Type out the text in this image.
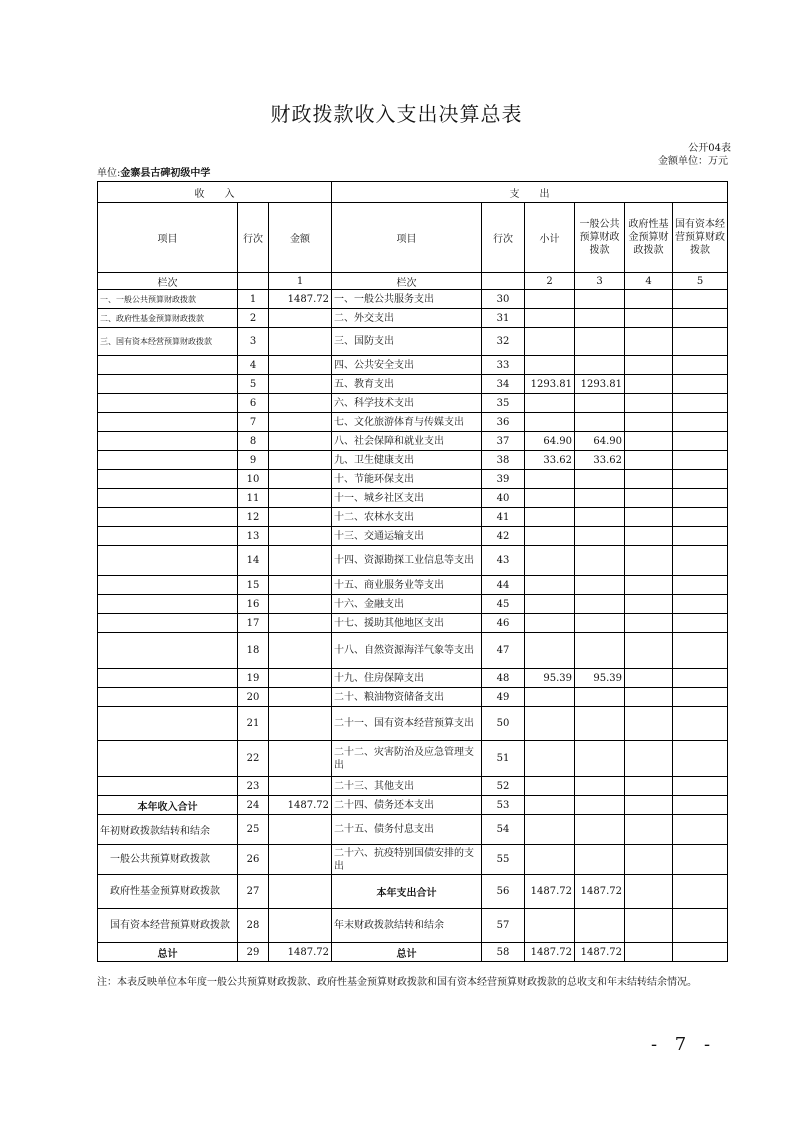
财政拨款收入支出决算总表
公开04表
金额单位：万元
单位:金寨县古碑初级中学
收　　入			支　　出					
项目	行次	金额	项目	行次	小计	一般公共预算财政拨款	政府性基金预算财政拨款	国有资本经营预算财政拨款
栏次		1	栏次		2	3	4	5
一、一般公共预算财政拨款	1	1487.72	一、一般公共服务支出	30				
二、政府性基金预算财政拨款	2		二、外交支出	31				
三、国有资本经营预算财政拨款	3		三、国防支出	32				
	4		四、公共安全支出	33				
	5		五、教育支出	34	1293.81	1293.81		
	6		六、科学技术支出	35				
	7		七、文化旅游体育与传媒支出	36				
	8		八、社会保障和就业支出	37	64.90	64.90		
	9		九、卫生健康支出	38	33.62	33.62		
	10		十、节能环保支出	39				
	11		十一、城乡社区支出	40				
	12		十二、农林水支出	41				
	13		十三、交通运输支出	42				
	14		十四、资源勘探工业信息等支出	43				
	15		十五、商业服务业等支出	44				
	16		十六、金融支出	45				
	17		十七、援助其他地区支出	46				
	18		十八、自然资源海洋气象等支出	47				
	19		十九、住房保障支出	48	95.39	95.39		
	20		二十、粮油物资储备支出	49				
	21		二十一、国有资本经营预算支出	50				
	22		二十二、灾害防治及应急管理支出	51				
	23		二十三、其他支出	52				
本年收入合计	24	1487.72	二十四、债务还本支出	53				
年初财政拨款结转和结余	25		二十五、债务付息支出	54				
一般公共预算财政拨款	26		二十六、抗疫特别国债安排的支出	55				
政府性基金预算财政拨款	27		本年支出合计	56	1487.72	1487.72		
国有资本经营预算财政拨款	28		年末财政拨款结转和结余	57				
总计	29	1487.72	总计	58	1487.72	1487.72		
注：本表反映单位本年度一般公共预算财政拨款、政府性基金预算财政拨款和国有资本经营预算财政拨款的总收支和年末结转结余情况。
- 7 -
